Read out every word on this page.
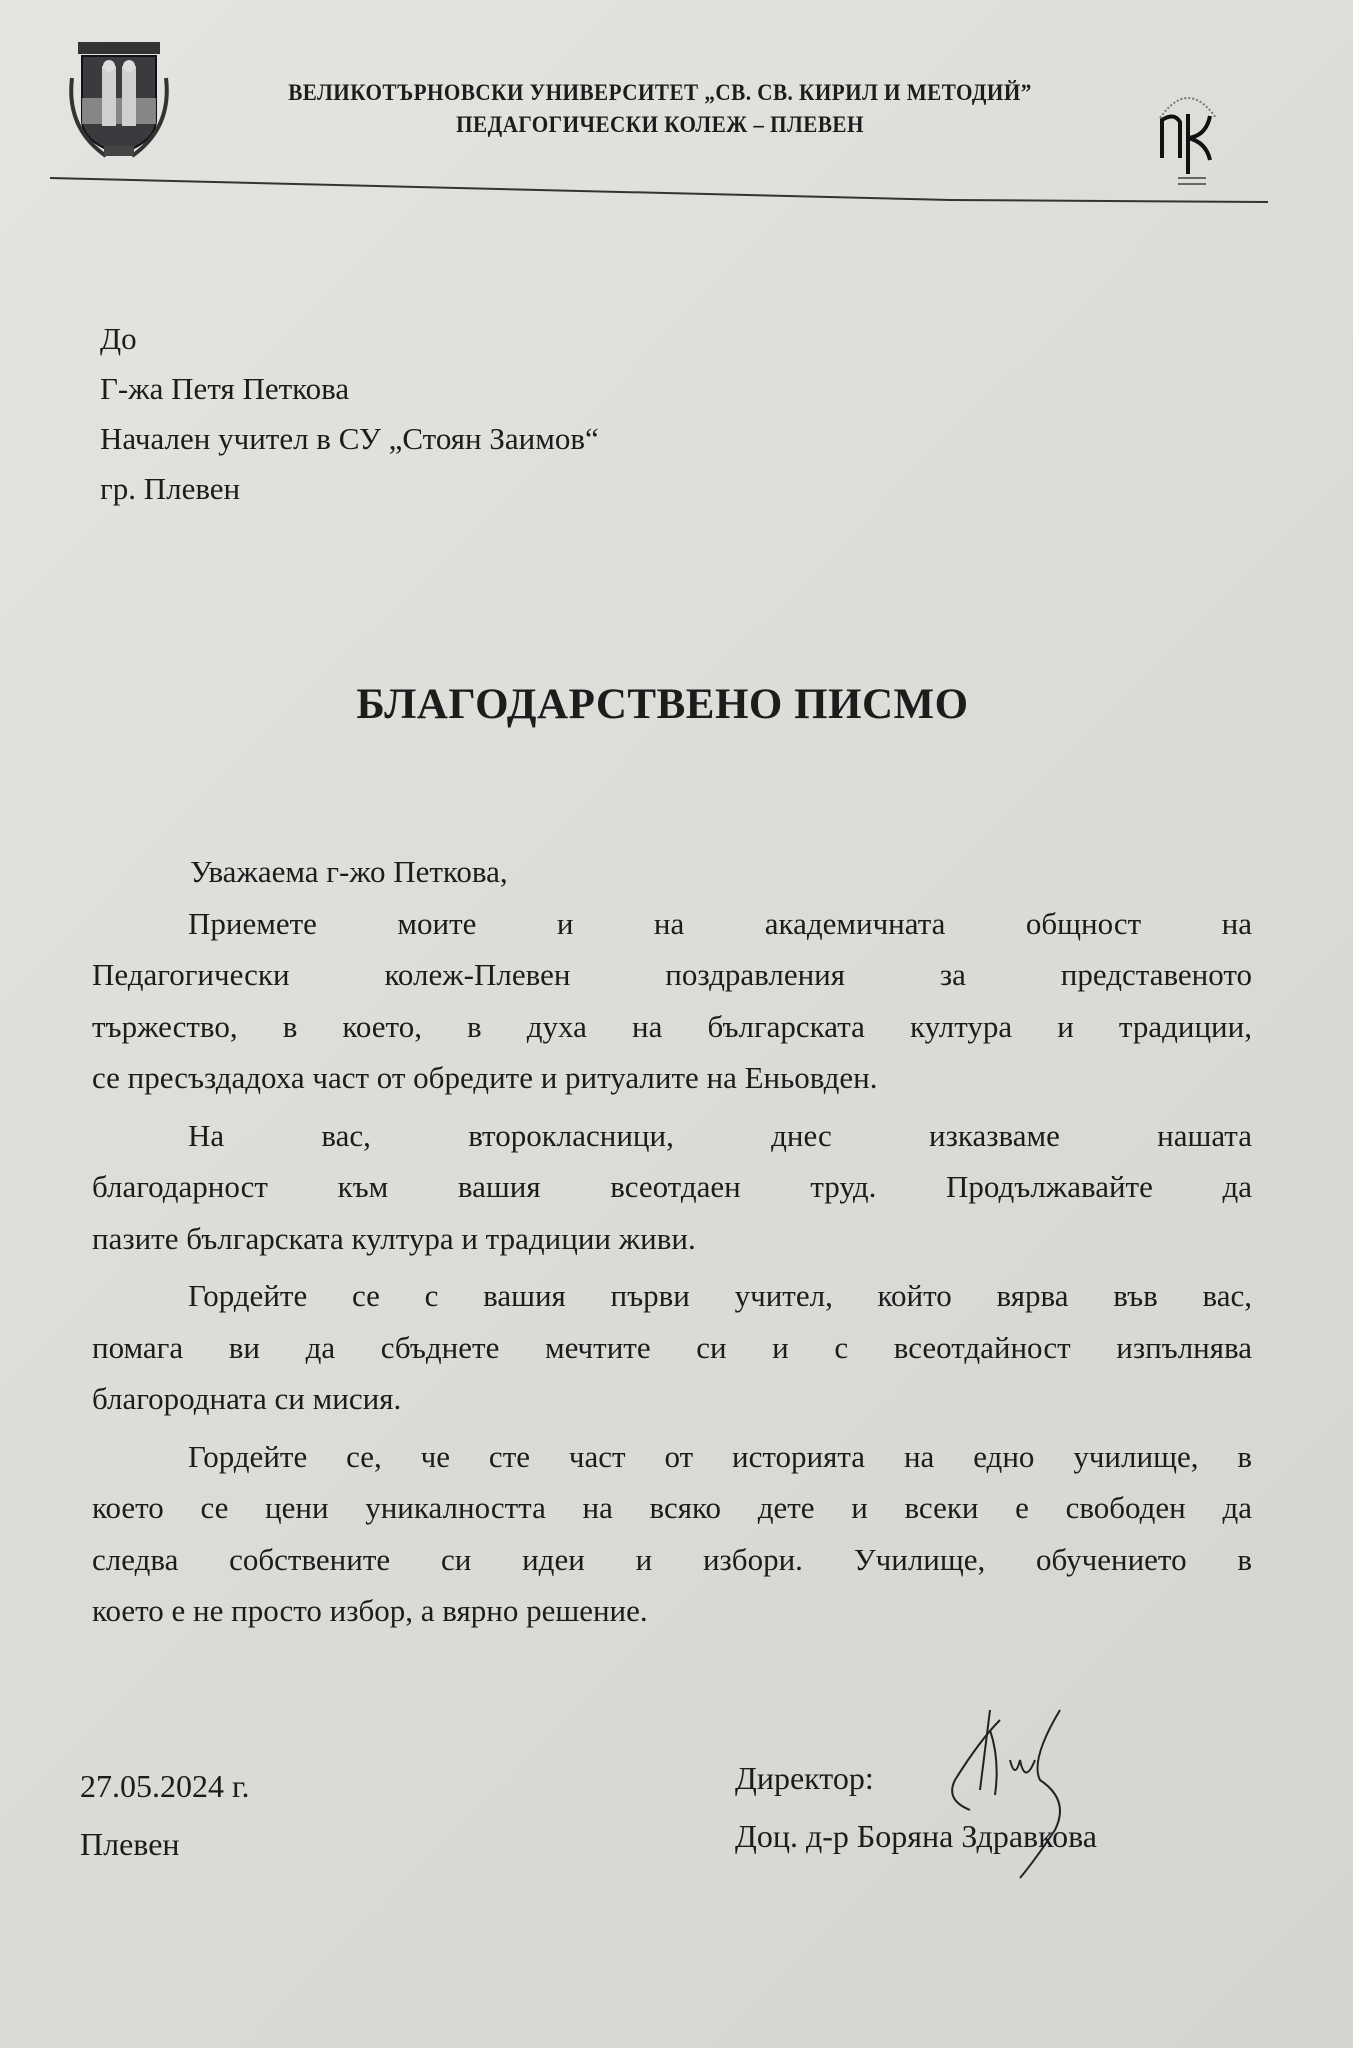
ВЕЛИКОТЪРНОВСКИ УНИВЕРСИТЕТ „СВ. СВ. КИРИЛ И МЕТОДИЙ”
ПЕДАГОГИЧЕСКИ КОЛЕЖ – ПЛЕВЕН
До
Г-жа Петя Петкова
Начален учител в СУ „Стоян Заимов“
гр. Плевен
БЛАГОДАРСТВЕНО ПИСМО
Уважаема г-жо Петкова,
Приемете моите и на академичната общност на
Педагогически колеж-Плевен поздравления за представеното
тържество, в което, в духа на българската култура и традиции,
се пресъздадоха част от обредите и ритуалите на Еньовден.
На вас, второкласници, днес изказваме нашата
благодарност към вашия всеотдаен труд. Продължавайте да
пазите българската култура и традиции живи.
Гордейте се с вашия първи учител, който вярва във вас,
помага ви да сбъднете мечтите си и с всеотдайност изпълнява
благородната си мисия.
Гордейте се, че сте част от историята на едно училище, в
което се цени уникалността на всяко дете и всеки е свободен да
следва собствените си идеи и избори. Училище, обучението в
което е не просто избор, а вярно решение.
27.05.2024 г.
Плевен
Директор:
Доц. д-р Боряна Здравкова
